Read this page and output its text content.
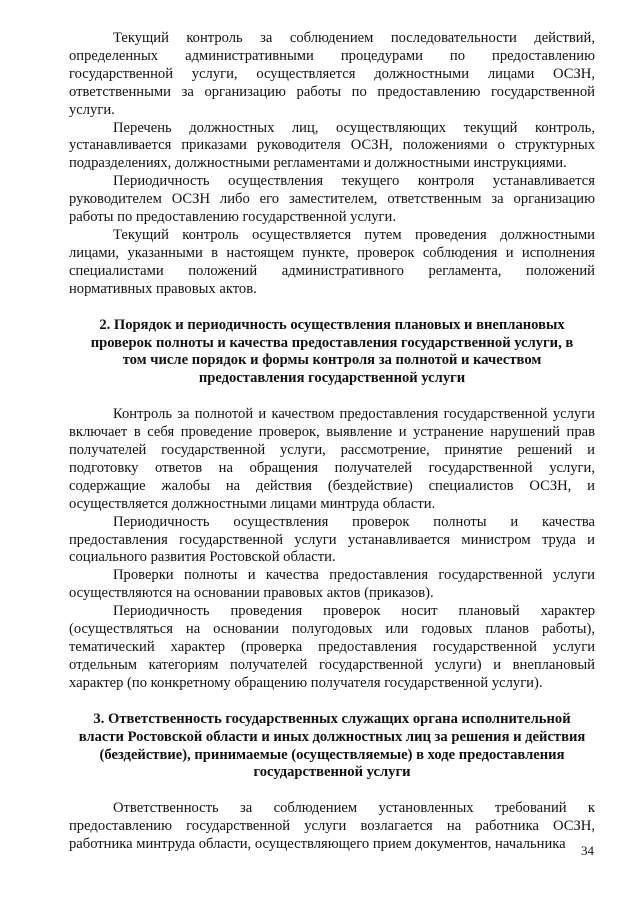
Текущий контроль за соблюдением последовательности действий, определенных административными процедурами по предоставлению государственной услуги, осуществляется должностными лицами ОСЗН, ответственными за организацию работы по предоставлению государственной услуги.

Перечень должностных лиц, осуществляющих текущий контроль, устанавливается приказами руководителя ОСЗН, положениями о структурных подразделениях, должностными регламентами и должностными инструкциями.

Периодичность осуществления текущего контроля устанавливается руководителем ОСЗН либо его заместителем, ответственным за организацию работы по предоставлению государственной услуги.

Текущий контроль осуществляется путем проведения должностными лицами, указанными в настоящем пункте, проверок соблюдения и исполнения специалистами положений административного регламента, положений нормативных правовых актов.

2. Порядок и периодичность осуществления плановых и внеплановых проверок полноты и качества предоставления государственной услуги, в том числе порядок и формы контроля за полнотой и качеством предоставления государственной услуги

Контроль за полнотой и качеством предоставления государственной услуги включает в себя проведение проверок, выявление и устранение нарушений прав получателей государственной услуги, рассмотрение, принятие решений и подготовку ответов на обращения получателей государственной услуги, содержащие жалобы на действия (бездействие) специалистов ОСЗН, и осуществляется должностными лицами минтруда области.

Периодичность осуществления проверок полноты и качества предоставления государственной услуги устанавливается министром труда и социального развития Ростовской области.

Проверки полноты и качества предоставления государственной услуги осуществляются на основании правовых актов (приказов).

Периодичность проведения проверок носит плановый характер (осуществляться на основании полугодовых или годовых планов работы), тематический характер (проверка предоставления государственной услуги отдельным категориям получателей государственной услуги) и внеплановый характер (по конкретному обращению получателя государственной услуги).

3. Ответственность государственных служащих органа исполнительной власти Ростовской области и иных должностных лиц за решения и действия (бездействие), принимаемые (осуществляемые) в ходе предоставления государственной услуги

Ответственность за соблюдением установленных требований к предоставлению государственной услуги возлагается на работника ОСЗН, работника минтруда области, осуществляющего прием документов, начальника	34
